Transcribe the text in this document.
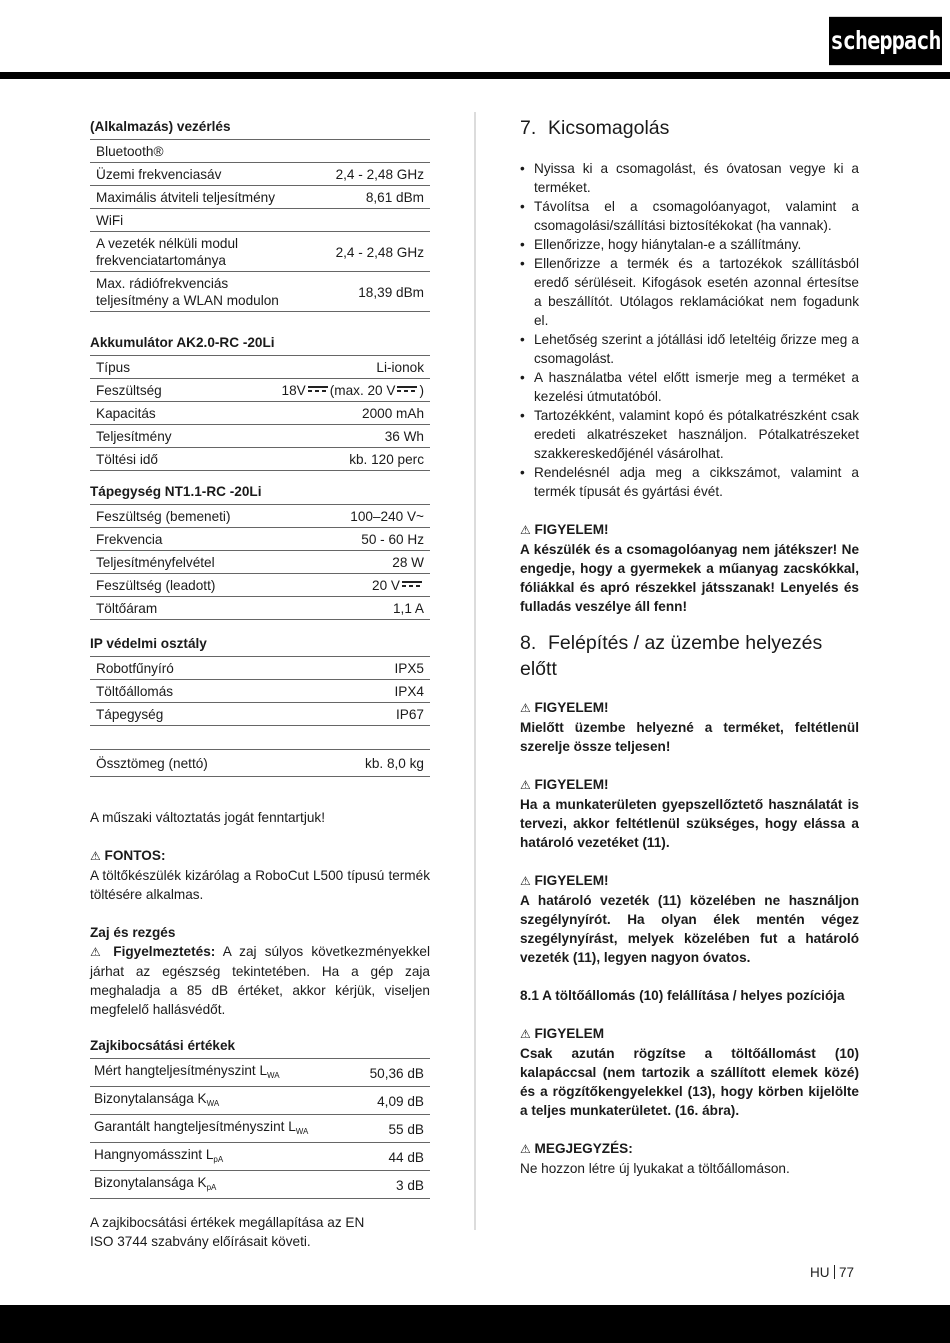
scheppach
(Alkalmazás) vezérlés
Bluetooth®	
Üzemi frekvenciasáv	2,4 - 2,48 GHz
Maximális átviteli teljesítmény	8,61 dBm
WiFi	
A vezeték nélküli modul frekvenciatartománya	2,4 - 2,48 GHz
Max. rádiófrekvenciás teljesítmény a WLAN modulon	18,39 dBm
Akkumulátor AK2.0-RC -20Li
Típus	Li-ionok
Feszültség	18V (max. 20 V )
Kapacitás	2000 mAh
Teljesítmény	36 Wh
Töltési idő	kb. 120 perc
Tápegység NT1.1-RC -20Li
Feszültség (bemeneti)	100–240 V~
Frekvencia	50 - 60 Hz
Teljesítményfelvétel	28 W
Feszültség (leadott)	20 V

Töltőáram	1,1 A
IP védelmi osztály
Robotfűnyíró	IPX5
Töltőállomás	IPX4
Tápegység	IP67
Össztömeg (nettó)	kb. 8,0 kg

A műszaki változtatás jogát fenntartjuk!

⚠ FONTOS:

A töltőkészülék kizárólag a RoboCut L500 típusú termék töltésére alkalmas.

Zaj és rezgés

⚠ Figyelmeztetés: A zaj súlyos következményekkel járhat az egészség tekintetében. Ha a gép zaja meghaladja a 85 dB értéket, akkor kérjük, viseljen megfelelő hallásvédőt.

Zajkibocsátási értékek
Mért hangteljesítményszint $L_{WA}$	50,36 dB
Bizonytalansága $K_{WA}$	4,09 dB
Garantált hangteljesítményszint $L_{WA}$	55 dB
Hangnyomásszint $L_{pA}$	44 dB
Bizonytalansága $K_{pA}$	3 dB

A zajkibocsátási értékek megállapítása az EN ISO 3744 szabvány előírásait követi.

7. Kicsomagolás
• Nyissa ki a csomagolást, és óvatosan vegye ki a terméket.
• Távolítsa el a csomagolóanyagot, valamint a csomagolási/szállítási biztosítékokat (ha vannak).
• Ellenőrizze, hogy hiánytalan-e a szállítmány.
• Ellenőrizze a termék és a tartozékok szállításból eredő sérüléseit. Kifogások esetén azonnal értesítse a beszállítót. Utólagos reklamációkat nem fogadunk el.
• Lehetőség szerint a jótállási idő leteltéig őrizze meg a csomagolást.
• A használatba vétel előtt ismerje meg a terméket a kezelési útmutatóból.
• Tartozékként, valamint kopó és pótalkatrészként csak eredeti alkatrészeket használjon. Pótalkatrészeket szakkereskedőjénél vásárolhat.
• Rendelésnél adja meg a cikkszámot, valamint a termék típusát és gyártási évét.

⚠ FIGYELEM!

A készülék és a csomagolóanyag nem játékszer! Ne engedje, hogy a gyermekek a műanyag zacskókkal, fóliákkal és apró részekkel játsszanak! Lenyelés és fulladás veszélye áll fenn!

8. Felépítés / az üzembe helyezés előtt

⚠ FIGYELEM!

Mielőtt üzembe helyezné a terméket, feltétlenül szerelje össze teljesen!

⚠ FIGYELEM!

Ha a munkaterületen gyepszellőztető használatát is tervezi, akkor feltétlenül szükséges, hogy elássa a határoló vezetéket (11).

⚠ FIGYELEM!

A határoló vezeték (11) közelében ne használjon szegélynyírót. Ha olyan élek mentén végez szegélynyírást, melyek közelében fut a határoló vezeték (11), legyen nagyon óvatos.

8.1 A töltőállomás (10) felállítása / helyes pozíciója

⚠ FIGYELEM

Csak azután rögzítse a töltőállomást (10) kalapáccsal (nem tartozik a szállított elemek közé) és a rögzítőkengyelekkel (13), hogy körben kijelölte a teljes munkaterületet. (16. ábra).

⚠ MEGJEGYZÉS:

Ne hozzon létre új lyukakat a töltőállomáson.

HU 77
